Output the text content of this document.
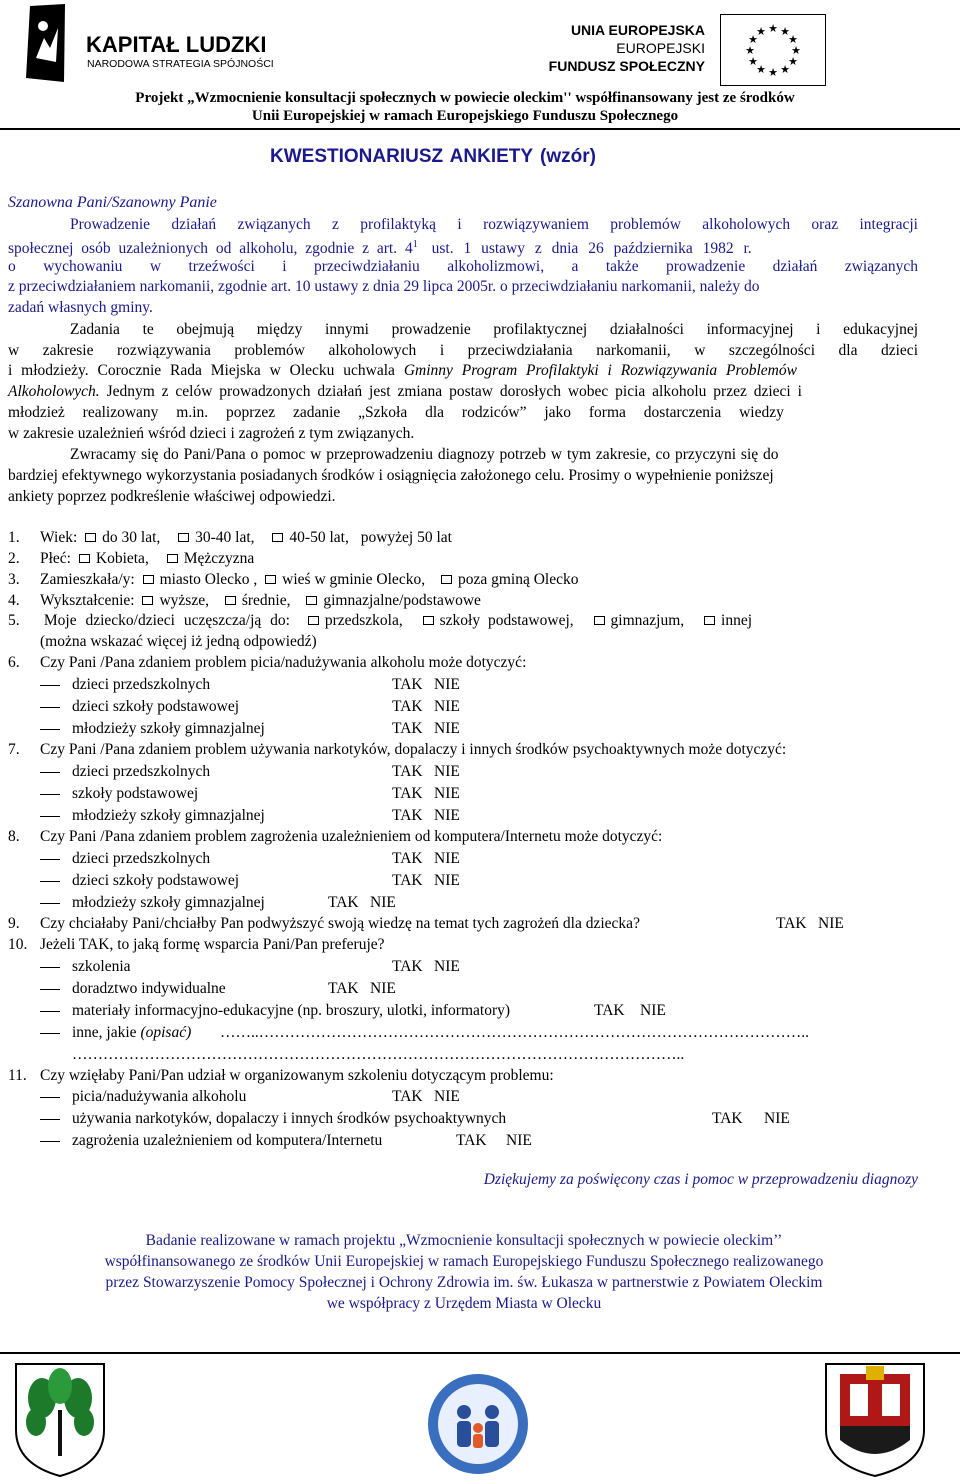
KAPITAŁ LUDZKI
NARODOWA STRATEGIA SPÓJNOŚCI
UNIA EUROPEJSKA
EUROPEJSKI
FUNDUSZ SPOŁECZNY
★ ★
★
★
★
★
★
★
★
★
★
★
Projekt „Wzmocnienie konsultacji społecznych w powiecie oleckim'' współfinansowany jest ze środków
Unii Europejskiej w ramach Europejskiego Funduszu Społecznego
KWESTIONARIUSZ ANKIETY (wzór)
Szanowna Pani/Szanowny Panie
Prowadzenie działań związanych z profilaktyką i rozwiązywaniem problemów alkoholowych oraz integracji
społecznej osób uzależnionych od alkoholu, zgodnie z art. $4^1$ ust. 1 ustawy z dnia 26 października 1982 r.
o wychowaniu w trzeźwości i przeciwdziałaniu alkoholizmowi, a także prowadzenie działań związanych
z przeciwdziałaniem narkomanii, zgodnie art. 10 ustawy z dnia 29 lipca 2005r. o przeciwdziałaniu narkomanii, należy do
zadań własnych gminy.
Zadania te obejmują między innymi prowadzenie profilaktycznej działalności informacyjnej i edukacyjnej
w zakresie rozwiązywania problemów alkoholowych i przeciwdziałania narkomanii, w szczególności dla dzieci
i młodzieży. Corocznie Rada Miejska w Olecku uchwala Gminny Program Profilaktyki i Rozwiązywania Problemów
Alkoholowych. Jednym z celów prowadzonych działań jest zmiana postaw dorosłych wobec picia alkoholu przez dzieci i
młodzież realizowany m.in. poprzez zadanie „Szkoła dla rodziców” jako forma dostarczenia wiedzy
w zakresie uzależnień wśród dzieci i zagrożeń z tym związanych.
Zwracamy się do Pani/Pana o pomoc w przeprowadzeniu diagnozy potrzeb w tym zakresie, co przyczyni się do
bardziej efektywnego wykorzystania posiadanych środków i osiągnięcia założonego celu. Prosimy o wypełnienie poniższej
ankiety poprzez podkreślenie właściwej odpowiedzi.
1. Wiek: do 30 lat, 30-40 lat, 40-50 lat, powyżej 50 lat
2. Płeć: Kobieta, Mężczyzna
3. Zamieszkała/y: miasto Olecko , wieś w gminie Olecko, poza gminą Olecko
4. Wykształcenie: wyższe, średnie, gimnazjalne/podstawowe
5. Moje dziecko/dzieci uczęszcza/ją do: przedszkola, szkoły podstawowej, gimnazjum, innej
(można wskazać więcej iż jedną odpowiedź)
6. Czy Pani /Pana zdaniem problem picia/nadużywania alkoholu może dotyczyć:
dzieci przedszkolnych	TAK NIE
dzieci szkoły podstawowej	TAK NIE
młodzieży szkoły gimnazjalnej	TAK NIE
7. Czy Pani /Pana zdaniem problem używania narkotyków, dopalaczy i innych środków psychoaktywnych może dotyczyć:
dzieci przedszkolnych	TAK NIE
szkoły podstawowej	TAK NIE
młodzieży szkoły gimnazjalnej	TAK NIE
8. Czy Pani /Pana zdaniem problem zagrożenia uzależnieniem od komputera/Internetu może dotyczyć:
dzieci przedszkolnych	TAK NIE
dzieci szkoły podstawowej	TAK NIE
młodzieży szkoły gimnazjalnej	TAK NIE
9. Czy chciałaby Pani/chciałby Pan podwyższyć swoją wiedzę na temat tych zagrożeń dla dziecka?	TAK NIE
10. Jeżeli TAK, to jaką formę wsparcia Pani/Pan preferuje?
szkolenia	TAK NIE
doradztwo indywidualne	TAK NIE
materiały informacyjno-edukacyjne (np. broszury, ulotki, informatory)	TAK NIE
inne, jakie (opisać) ……..……………………………………………………………………………………………..
………………………………………………………………………………………………………..
11. Czy wzięłaby Pani/Pan udział w organizowanym szkoleniu dotyczącym problemu:
picia/nadużywania alkoholu	TAK NIE
używania narkotyków, dopalaczy i innych środków psychoaktywnych	TAK NIE
zagrożenia uzależnieniem od komputera/Internetu	TAK NIE
Dziękujemy za poświęcony czas i pomoc w przeprowadzeniu diagnozy
Badanie realizowane w ramach projektu „Wzmocnienie konsultacji społecznych w powiecie oleckim’’
współfinansowanego ze środków Unii Europejskiej w ramach Europejskiego Funduszu Społecznego realizowanego
przez Stowarzyszenie Pomocy Społecznej i Ochrony Zdrowia im. św. Łukasza w partnerstwie z Powiatem Oleckim
we współpracy z Urzędem Miasta w Olecku
